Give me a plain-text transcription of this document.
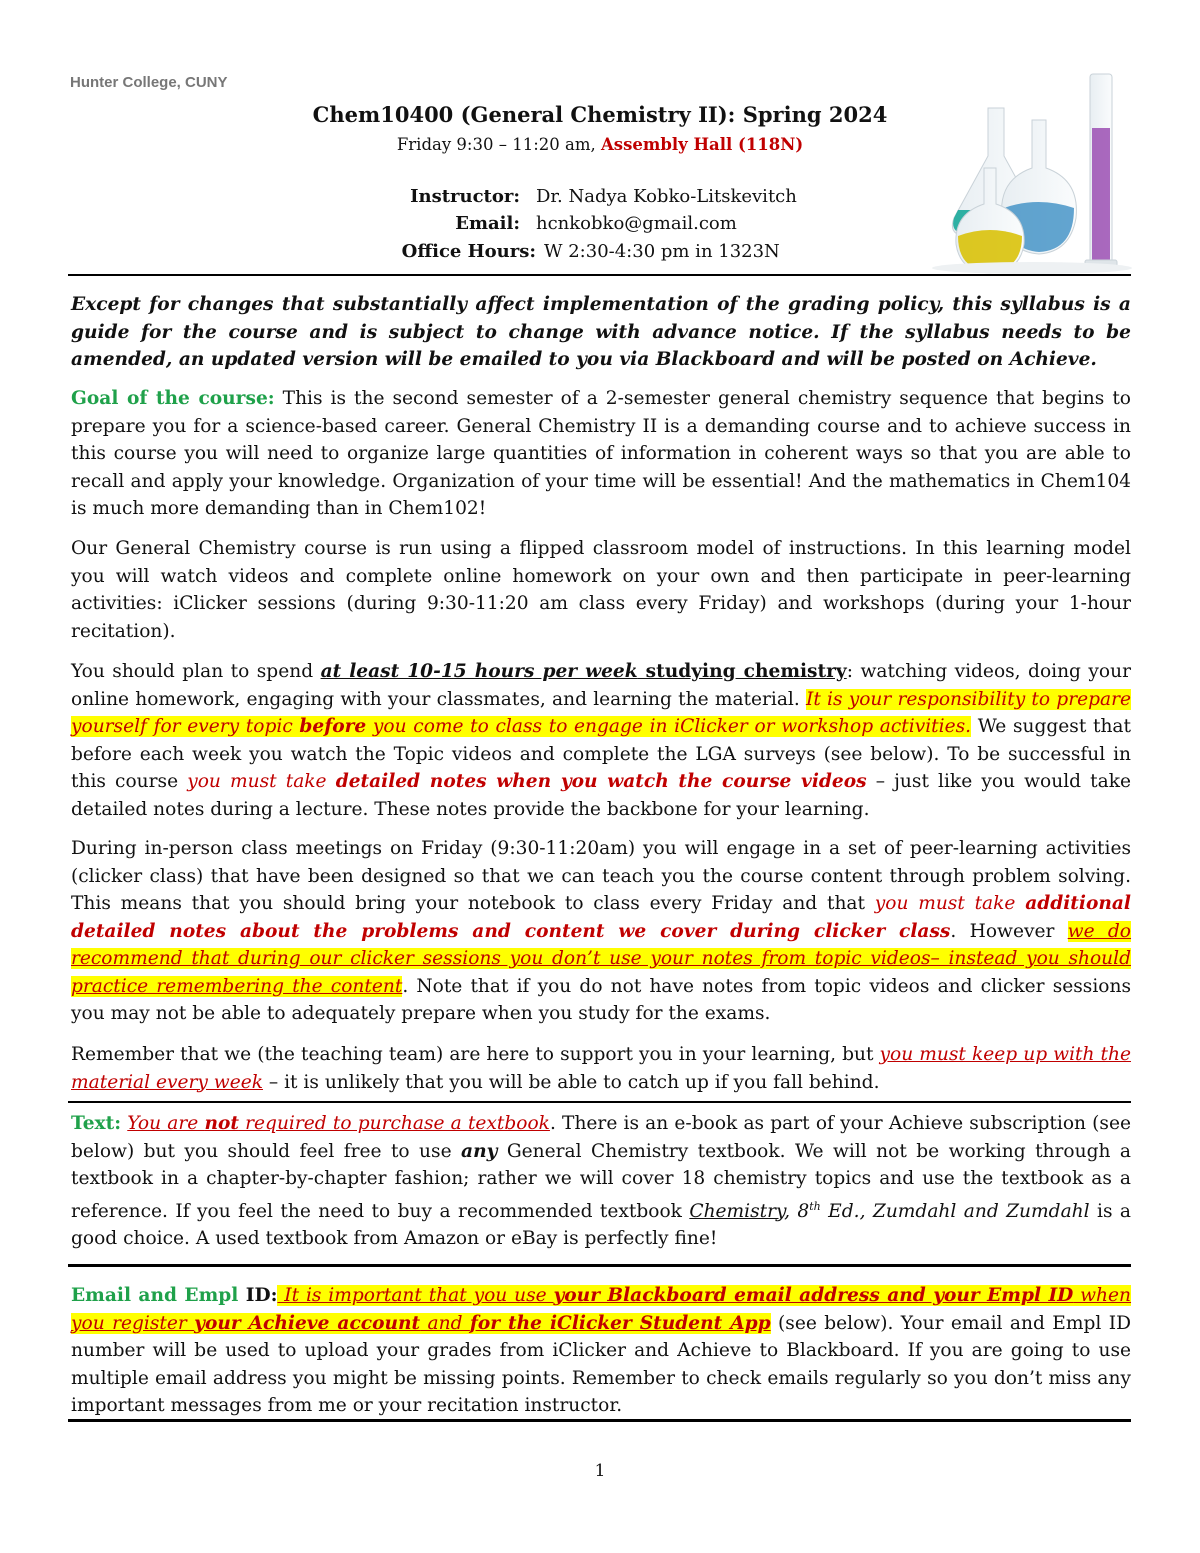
Hunter College, CUNY
Chem10400 (General Chemistry II): Spring 2024
Friday 9:30 – 11:20 am, Assembly Hall (118N)
Instructor: Dr. Nadya Kobko-Litskevitch
Email: hcnkobko@gmail.com
Office Hours: W 2:30-4:30 pm in 1323N
Except for changes that substantially affect implementation of the grading policy, this syllabus is a guide for the course and is subject to change with advance notice. If the syllabus needs to be amended, an updated version will be emailed to you via Blackboard and will be posted on Achieve.
Goal of the course: This is the second semester of a 2-semester general chemistry sequence that begins to prepare you for a science-based career. General Chemistry II is a demanding course and to achieve success in this course you will need to organize large quantities of information in coherent ways so that you are able to recall and apply your knowledge. Organization of your time will be essential! And the mathematics in Chem104 is much more demanding than in Chem102!
Our General Chemistry course is run using a flipped classroom model of instructions. In this learning model you will watch videos and complete online homework on your own and then participate in peer-learning activities: iClicker sessions (during 9:30-11:20 am class every Friday) and workshops (during your 1-hour recitation).
You should plan to spend at least 10-15 hours per week studying chemistry: watching videos, doing your online homework, engaging with your classmates, and learning the material. It is your responsibility to prepare yourself for every topic before you come to class to engage in iClicker or workshop activities. We suggest that before each week you watch the Topic videos and complete the LGA surveys (see below). To be successful in this course you must take detailed notes when you watch the course videos – just like you would take detailed notes during a lecture. These notes provide the backbone for your learning.
During in-person class meetings on Friday (9:30-11:20am) you will engage in a set of peer-learning activities (clicker class) that have been designed so that we can teach you the course content through problem solving. This means that you should bring your notebook to class every Friday and that you must take additional detailed notes about the problems and content we cover during clicker class. However we do recommend that during our clicker sessions you don’t use your notes from topic videos– instead you should practice remembering the content. Note that if you do not have notes from topic videos and clicker sessions you may not be able to adequately prepare when you study for the exams.
Remember that we (the teaching team) are here to support you in your learning, but you must keep up with the material every week – it is unlikely that you will be able to catch up if you fall behind.
Text: You are not required to purchase a textbook. There is an e-book as part of your Achieve subscription (see below) but you should feel free to use any General Chemistry textbook. We will not be working through a textbook in a chapter-by-chapter fashion; rather we will cover 18 chemistry topics and use the textbook as a reference. If you feel the need to buy a recommended textbook Chemistry, 8th Ed., Zumdahl and Zumdahl is a good choice. A used textbook from Amazon or eBay is perfectly fine!
Email and Empl ID: It is important that you use your Blackboard email address and your Empl ID when you register your Achieve account and for the iClicker Student App (see below). Your email and Empl ID number will be used to upload your grades from iClicker and Achieve to Blackboard. If you are going to use multiple email address you might be missing points. Remember to check emails regularly so you don’t miss any important messages from me or your recitation instructor.
1
